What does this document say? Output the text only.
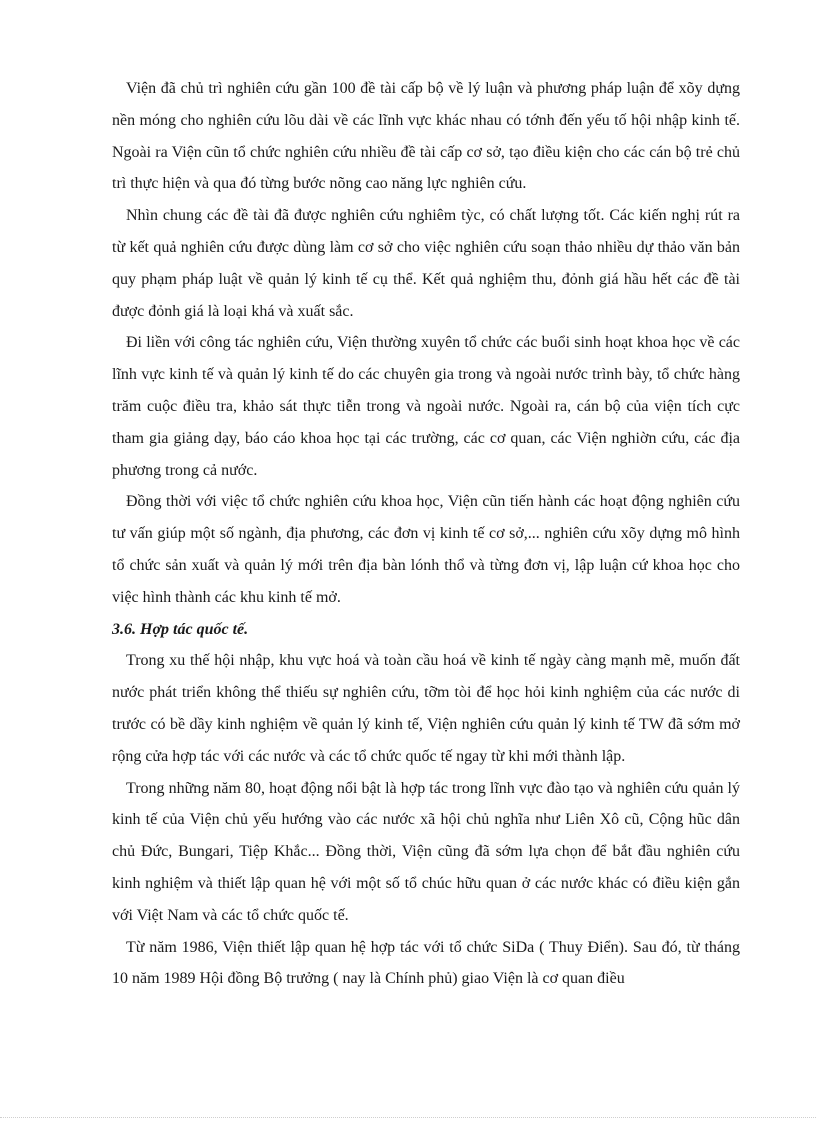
Viện đã chủ trì nghiên cứu gần 100 đề tài cấp bộ về lý luận và phương pháp luận để xõy dựng nền móng cho nghiên cứu lõu dài về các lĩnh vực khác nhau có tớnh đến yếu tố hội nhập kinh tế. Ngoài ra Viện cũn tổ chức nghiên cứu nhiều đề tài cấp cơ sở, tạo điều kiện cho các cán bộ trẻ chủ trì thực hiện và qua đó từng bước nõng cao năng lực nghiên cứu.

Nhìn chung các đề tài đã được nghiên cứu nghiêm tỳc, có chất lượng tốt. Các kiến nghị rút ra từ kết quả nghiên cứu được dùng làm cơ sở cho việc nghiên cứu soạn thảo nhiều dự thảo văn bản quy phạm pháp luật về quản lý kinh tế cụ thể. Kết quả nghiệm thu, đỏnh giá hầu hết các đề tài được đỏnh giá là loại khá và xuất sắc.

Đi liền với công tác nghiên cứu, Viện thường xuyên tổ chức các buổi sinh hoạt khoa học về các lĩnh vực kinh tế và quản lý kinh tế do các chuyên gia trong và ngoài nước trình bày, tổ chức hàng trăm cuộc điều tra, khảo sát thực tiễn trong và ngoài nước. Ngoài ra, cán bộ của viện tích cực tham gia giảng dạy, báo cáo khoa học tại các trường, các cơ quan, các Viện nghiờn cứu, các địa phương trong cả nước.

Đồng thời với việc tổ chức nghiên cứu khoa học, Viện cũn tiến hành các hoạt động nghiên cứu tư vấn giúp một số ngành, địa phương, các đơn vị kinh tế cơ sở,... nghiên cứu xõy dựng mô hình tổ chức sản xuất và quản lý mới trên địa bàn lónh thổ và từng đơn vị, lập luận cứ khoa học cho việc hình thành các khu kinh tế mở.

3.6. Hợp tác quốc tế.

Trong xu thế hội nhập, khu vực hoá và toàn cầu hoá về kinh tế ngày càng mạnh mẽ, muốn đất nước phát triển không thể thiếu sự nghiên cứu, tỡm tòi để học hỏi kinh nghiệm của các nước di trước có bề dầy kinh nghiệm về quản lý kinh tế, Viện nghiên cứu quản lý kinh tế TW đã sớm mở rộng cửa hợp tác với các nước và các tổ chức quốc tế ngay từ khi mới thành lập.

Trong những năm 80, hoạt động nổi bật là hợp tác trong lĩnh vực đào tạo và nghiên cứu quản lý kinh tế của Viện chủ yếu hướng vào các nước xã hội chủ nghĩa như Liên Xô cũ, Cộng hũc dân chủ Đức, Bungari, Tiệp Khắc... Đồng thời, Viện cũng đã sớm lựa chọn để bắt đầu nghiên cứu kinh nghiệm và thiết lập quan hệ với một số tổ chúc hữu quan ở các nước khác có điều kiện gắn với Việt Nam và các tổ chức quốc tế.

Từ năm 1986, Viện thiết lập quan hệ hợp tác với tổ chức SiDa ( Thuy Điển). Sau đó, từ tháng 10 năm 1989 Hội đồng Bộ trưởng ( nay là Chính phủ) giao Viện là cơ quan điều
